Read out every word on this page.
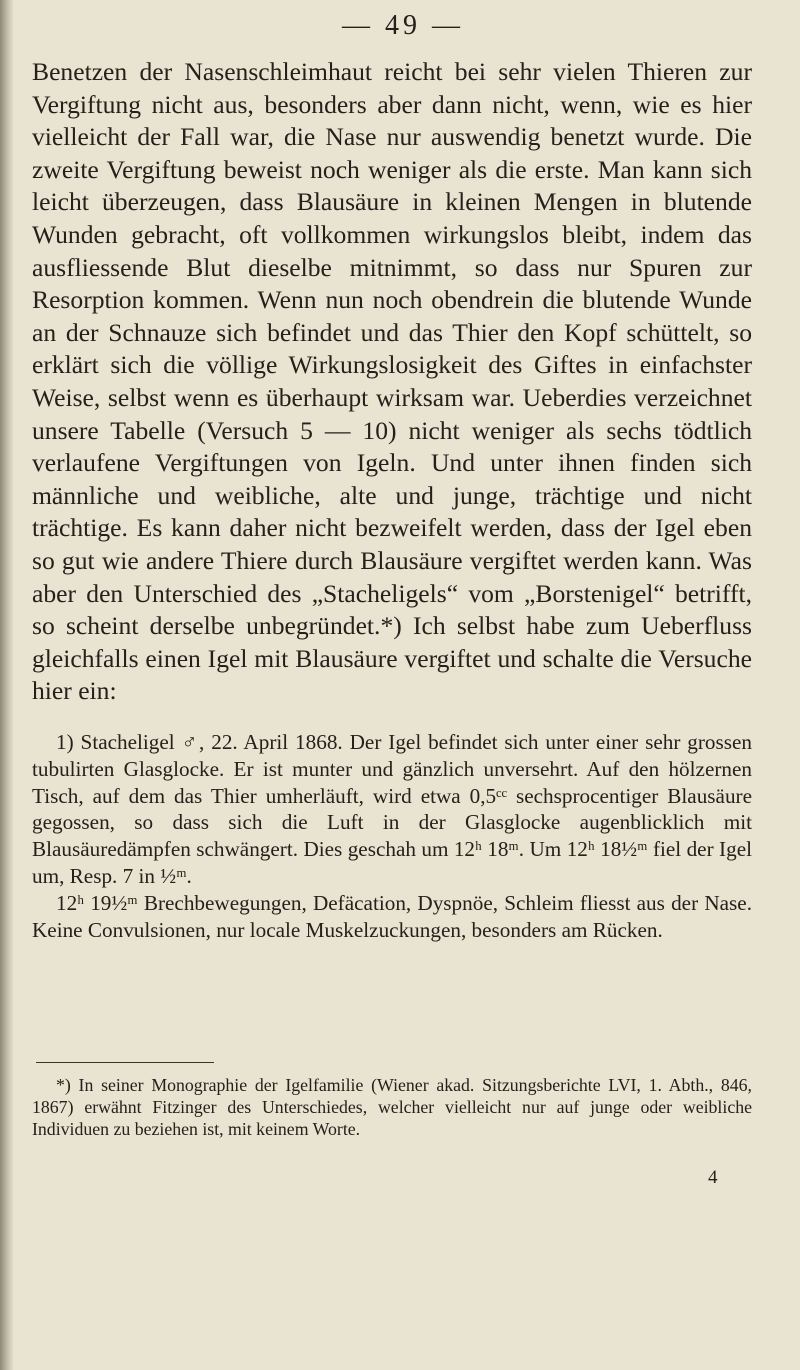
— 49 —

Benetzen der Nasenschleimhaut reicht bei sehr vielen Thieren zur Vergiftung nicht aus, besonders aber dann nicht, wenn, wie es hier vielleicht der Fall war, die Nase nur auswendig benetzt wurde. Die zweite Vergiftung beweist noch weniger als die erste. Man kann sich leicht überzeugen, dass Blausäure in kleinen Mengen in blutende Wunden gebracht, oft vollkommen wirkungslos bleibt, indem das ausfliessende Blut dieselbe mitnimmt, so dass nur Spuren zur Resorption kommen. Wenn nun noch obendrein die blutende Wunde an der Schnauze sich befindet und das Thier den Kopf schüttelt, so erklärt sich die völlige Wirkungslosigkeit des Giftes in einfachster Weise, selbst wenn es überhaupt wirksam war. Ueberdies verzeichnet unsere Tabelle (Versuch 5 — 10) nicht weniger als sechs tödtlich verlaufene Vergiftungen von Igeln. Und unter ihnen finden sich männliche und weibliche, alte und junge, trächtige und nicht trächtige. Es kann daher nicht bezweifelt werden, dass der Igel eben so gut wie andere Thiere durch Blausäure vergiftet werden kann. Was aber den Unterschied des „Stacheligels“ vom „Borstenigel“ betrifft, so scheint derselbe unbegründet.*) Ich selbst habe zum Ueberfluss gleichfalls einen Igel mit Blausäure vergiftet und schalte die Versuche hier ein:

1) Stacheligel ♂, 22. April 1868. Der Igel befindet sich unter einer sehr grossen tubulirten Glasglocke. Er ist munter und gänzlich unversehrt. Auf den hölzernen Tisch, auf dem das Thier umherläuft, wird etwa 0,5ᶜᶜ sechsprocentiger Blausäure gegossen, so dass sich die Luft in der Glasglocke augenblicklich mit Blausäuredämpfen schwängert. Dies geschah um 12ʰ 18ᵐ. Um 12ʰ 18½ᵐ fiel der Igel um, Resp. 7 in ½ᵐ.

12ʰ 19½ᵐ Brechbewegungen, Defäcation, Dyspnöe, Schleim fliesst aus der Nase. Keine Convulsionen, nur locale Muskelzuckungen, besonders am Rücken.

*) In seiner Monographie der Igelfamilie (Wiener akad. Sitzungsberichte LVI, 1. Abth., 846, 1867) erwähnt Fitzinger des Unterschiedes, welcher vielleicht nur auf junge oder weibliche Individuen zu beziehen ist, mit keinem Worte.

4
